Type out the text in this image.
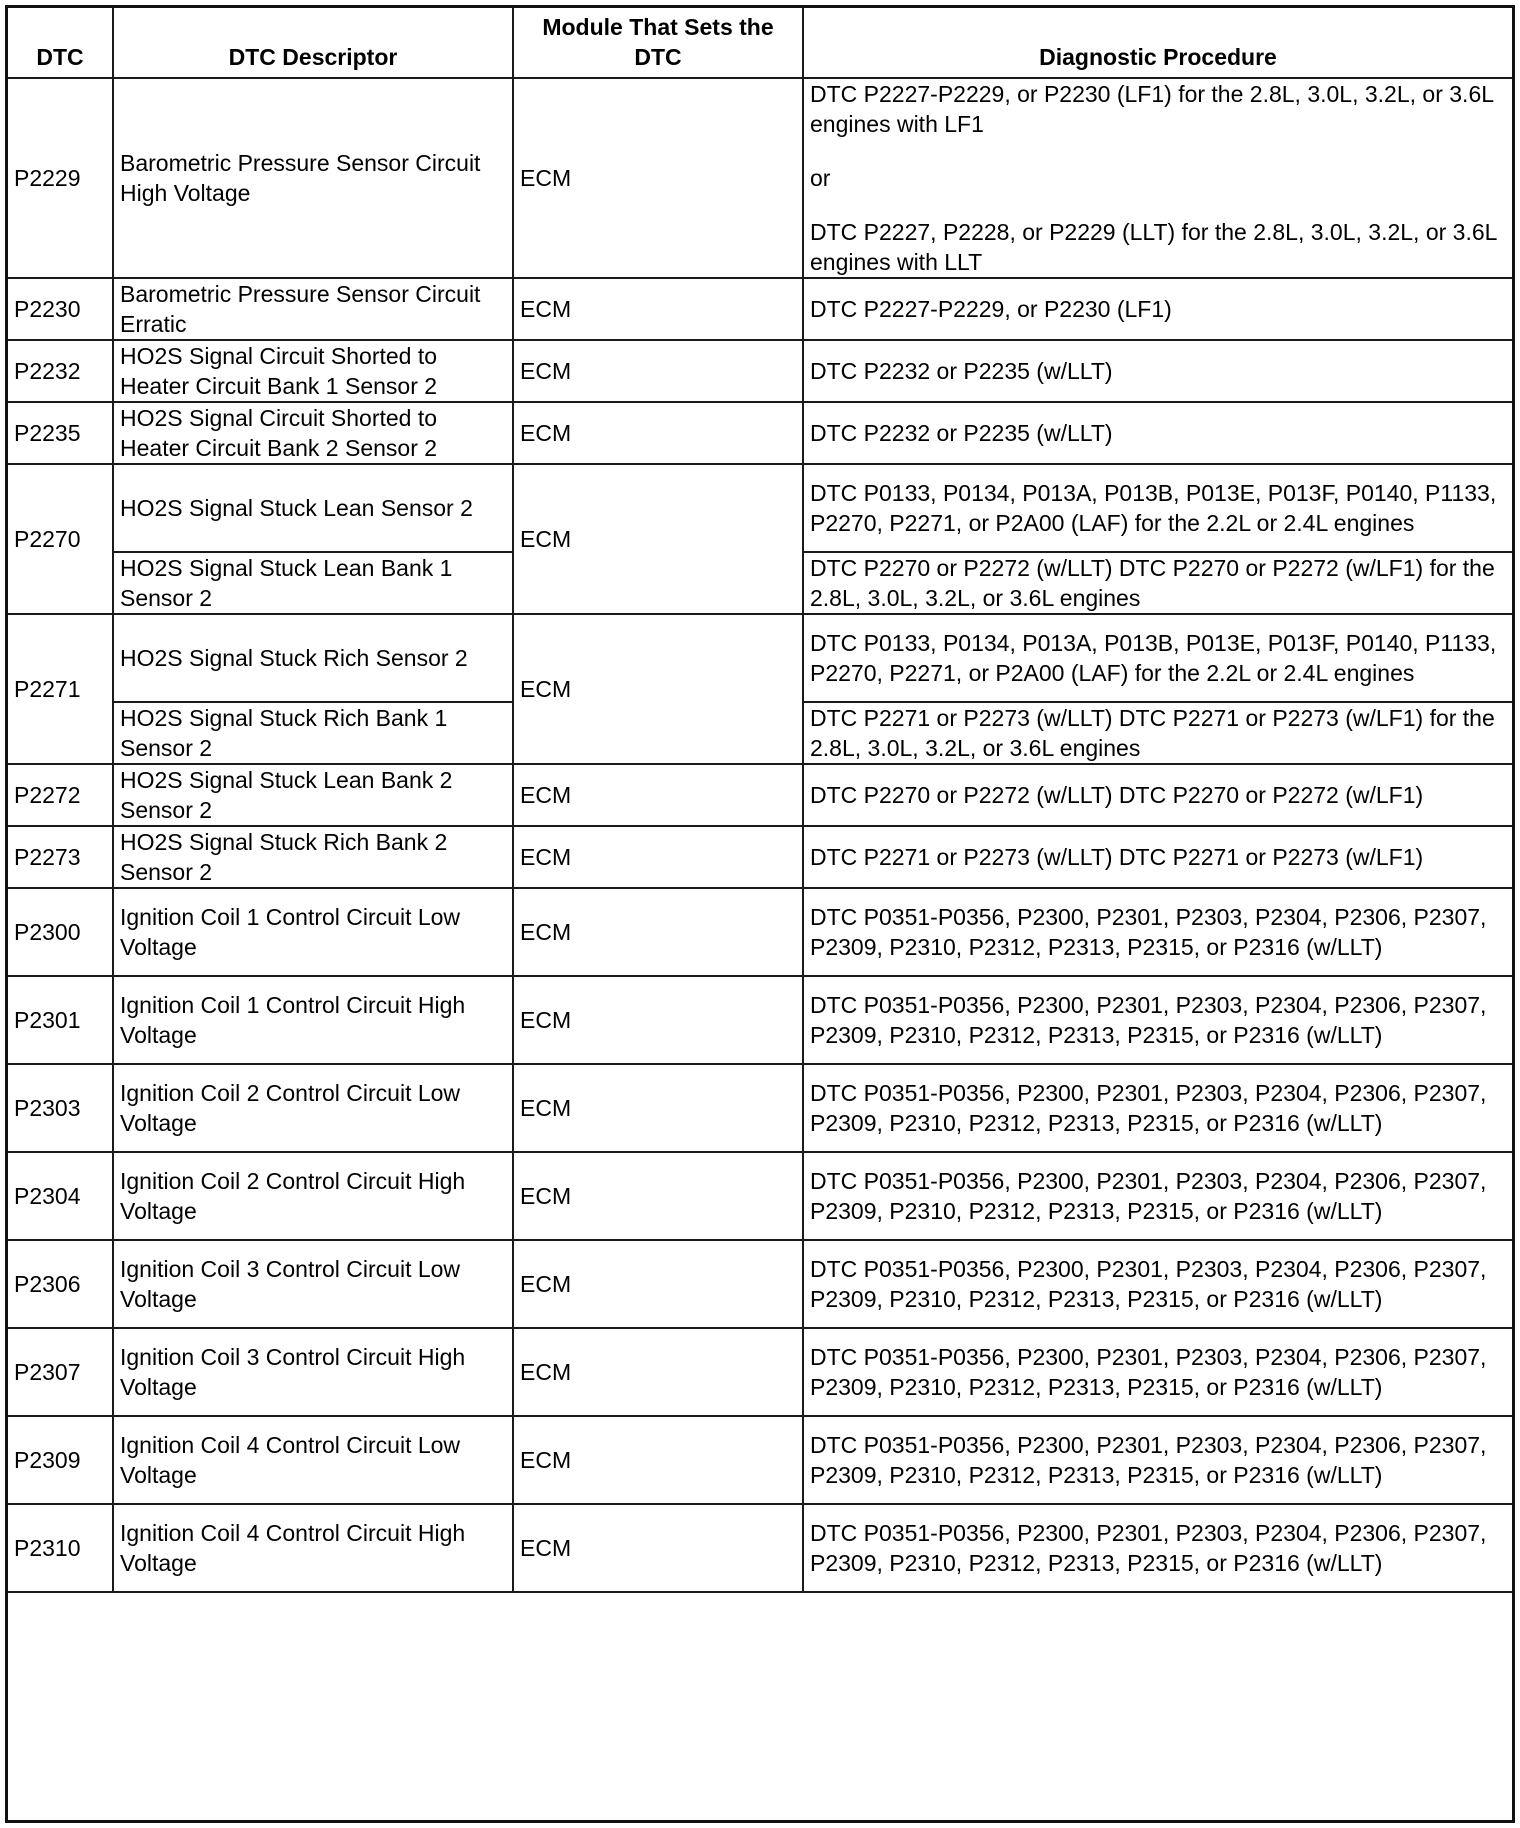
DTC	DTC Descriptor	Module That Sets the DTC	Diagnostic Procedure
P2229	Barometric Pressure Sensor Circuit High Voltage	ECM	DTC P2227-P2229, or P2230 (LF1) for the 2.8L, 3.0L, 3.2L, or 3.6L engines with LF1
or
DTC P2227, P2228, or P2229 (LLT) for the 2.8L, 3.0L, 3.2L, or 3.6L engines with LLT

P2230	Barometric Pressure Sensor Circuit Erratic	ECM	DTC P2227-P2229, or P2230 (LF1)

P2232	HO2S Signal Circuit Shorted to Heater Circuit Bank 1 Sensor 2	ECM	DTC P2232 or P2235 (w/LLT)

P2235	HO2S Signal Circuit Shorted to Heater Circuit Bank 2 Sensor 2	ECM	DTC P2232 or P2235 (w/LLT)

P2270	HO2S Signal Stuck Lean Sensor 2	ECM	DTC P0133, P0134, P013A, P013B, P013E, P013F, P0140, P1133, P2270, P2271, or P2A00 (LAF) for the 2.2L or 2.4L engines

	HO2S Signal Stuck Lean Bank 1 Sensor 2		DTC P2270 or P2272 (w/LLT) DTC P2270 or P2272 (w/LF1) for the 2.8L, 3.0L, 3.2L, or 3.6L engines

P2271	HO2S Signal Stuck Rich Sensor 2	ECM	DTC P0133, P0134, P013A, P013B, P013E, P013F, P0140, P1133, P2270, P2271, or P2A00 (LAF) for the 2.2L or 2.4L engines

	HO2S Signal Stuck Rich Bank 1 Sensor 2		DTC P2271 or P2273 (w/LLT) DTC P2271 or P2273 (w/LF1) for the 2.8L, 3.0L, 3.2L, or 3.6L engines

P2272	HO2S Signal Stuck Lean Bank 2 Sensor 2	ECM	DTC P2270 or P2272 (w/LLT) DTC P2270 or P2272 (w/LF1)

P2273	HO2S Signal Stuck Rich Bank 2 Sensor 2	ECM	DTC P2271 or P2273 (w/LLT) DTC P2271 or P2273 (w/LF1)

P2300	Ignition Coil 1 Control Circuit Low Voltage	ECM	DTC P0351-P0356, P2300, P2301, P2303, P2304, P2306, P2307, P2309, P2310, P2312, P2313, P2315, or P2316 (w/LLT)

P2301	Ignition Coil 1 Control Circuit High Voltage	ECM	DTC P0351-P0356, P2300, P2301, P2303, P2304, P2306, P2307, P2309, P2310, P2312, P2313, P2315, or P2316 (w/LLT)

P2303	Ignition Coil 2 Control Circuit Low Voltage	ECM	DTC P0351-P0356, P2300, P2301, P2303, P2304, P2306, P2307, P2309, P2310, P2312, P2313, P2315, or P2316 (w/LLT)

P2304	Ignition Coil 2 Control Circuit High Voltage	ECM	DTC P0351-P0356, P2300, P2301, P2303, P2304, P2306, P2307, P2309, P2310, P2312, P2313, P2315, or P2316 (w/LLT)

P2306	Ignition Coil 3 Control Circuit Low Voltage	ECM	DTC P0351-P0356, P2300, P2301, P2303, P2304, P2306, P2307, P2309, P2310, P2312, P2313, P2315, or P2316 (w/LLT)

P2307	Ignition Coil 3 Control Circuit High Voltage	ECM	DTC P0351-P0356, P2300, P2301, P2303, P2304, P2306, P2307, P2309, P2310, P2312, P2313, P2315, or P2316 (w/LLT)

P2309	Ignition Coil 4 Control Circuit Low Voltage	ECM	DTC P0351-P0356, P2300, P2301, P2303, P2304, P2306, P2307, P2309, P2310, P2312, P2313, P2315, or P2316 (w/LLT)

P2310	Ignition Coil 4 Control Circuit High Voltage	ECM	DTC P0351-P0356, P2300, P2301, P2303, P2304, P2306, P2307, P2309, P2310, P2312, P2313, P2315, or P2316 (w/LLT)
